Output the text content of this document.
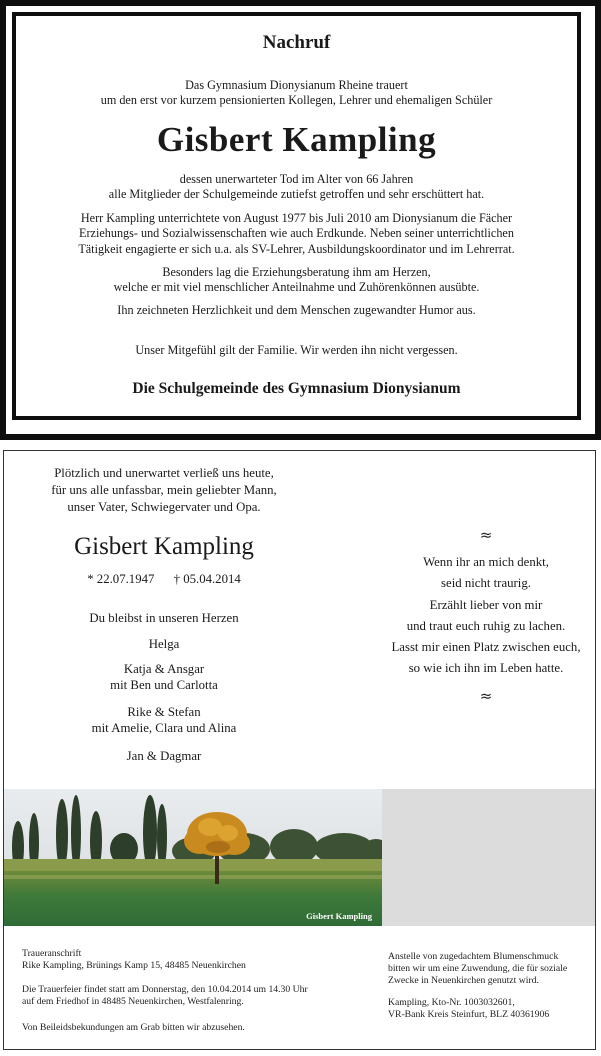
Nachruf
Das Gymnasium Dionysianum Rheine trauert
um den erst vor kurzem pensionierten Kollegen, Lehrer und ehemaligen Schüler
Gisbert Kampling
dessen unerwarteter Tod im Alter von 66 Jahren
alle Mitglieder der Schulgemeinde zutiefst getroffen und sehr erschüttert hat.
Herr Kampling unterrichtete von August 1977 bis Juli 2010 am Dionysianum die Fächer
Erziehungs- und Sozialwissenschaften wie auch Erdkunde. Neben seiner unterrichtlichen
Tätigkeit engagierte er sich u.a. als SV-Lehrer, Ausbildungskoordinator und im Lehrerrat.
Besonders lag die Erziehungsberatung ihm am Herzen,
welche er mit viel menschlicher Anteilnahme und Zuhörenkönnen ausübte.
Ihn zeichneten Herzlichkeit und dem Menschen zugewandter Humor aus.
Unser Mitgefühl gilt der Familie. Wir werden ihn nicht vergessen.
Die Schulgemeinde des Gymnasium Dionysianum
Plötzlich und unerwartet verließ uns heute,
für uns alle unfassbar, mein geliebter Mann,
unser Vater, Schwiegervater und Opa.
Gisbert Kampling
* 22.07.1947 † 05.04.2014
Du bleibst in unseren Herzen
Helga
Katja & Ansgar
mit Ben und Carlotta
Rike & Stefan
mit Amelie, Clara und Alina
Jan & Dagmar
≈
Wenn ihr an mich denkt,
seid nicht traurig.
Erzählt lieber von mir
und traut euch ruhig zu lachen.
Lasst mir einen Platz zwischen euch,
so wie ich ihn im Leben hatte.
≈
Gisbert Kampling
Traueranschrift
Rike Kampling, Brünings Kamp 15, 48485 Neuenkirchen
Die Trauerfeier findet statt am Donnerstag, den 10.04.2014 um 14.30 Uhr
auf dem Friedhof in 48485 Neuenkirchen, Westfalenring.
Von Beileidsbekundungen am Grab bitten wir abzusehen.
Anstelle von zugedachtem Blumenschmuck
bitten wir um eine Zuwendung, die für soziale
Zwecke in Neuenkirchen genutzt wird.
Kampling, Kto-Nr. 1003032601,
VR-Bank Kreis Steinfurt, BLZ 40361906
